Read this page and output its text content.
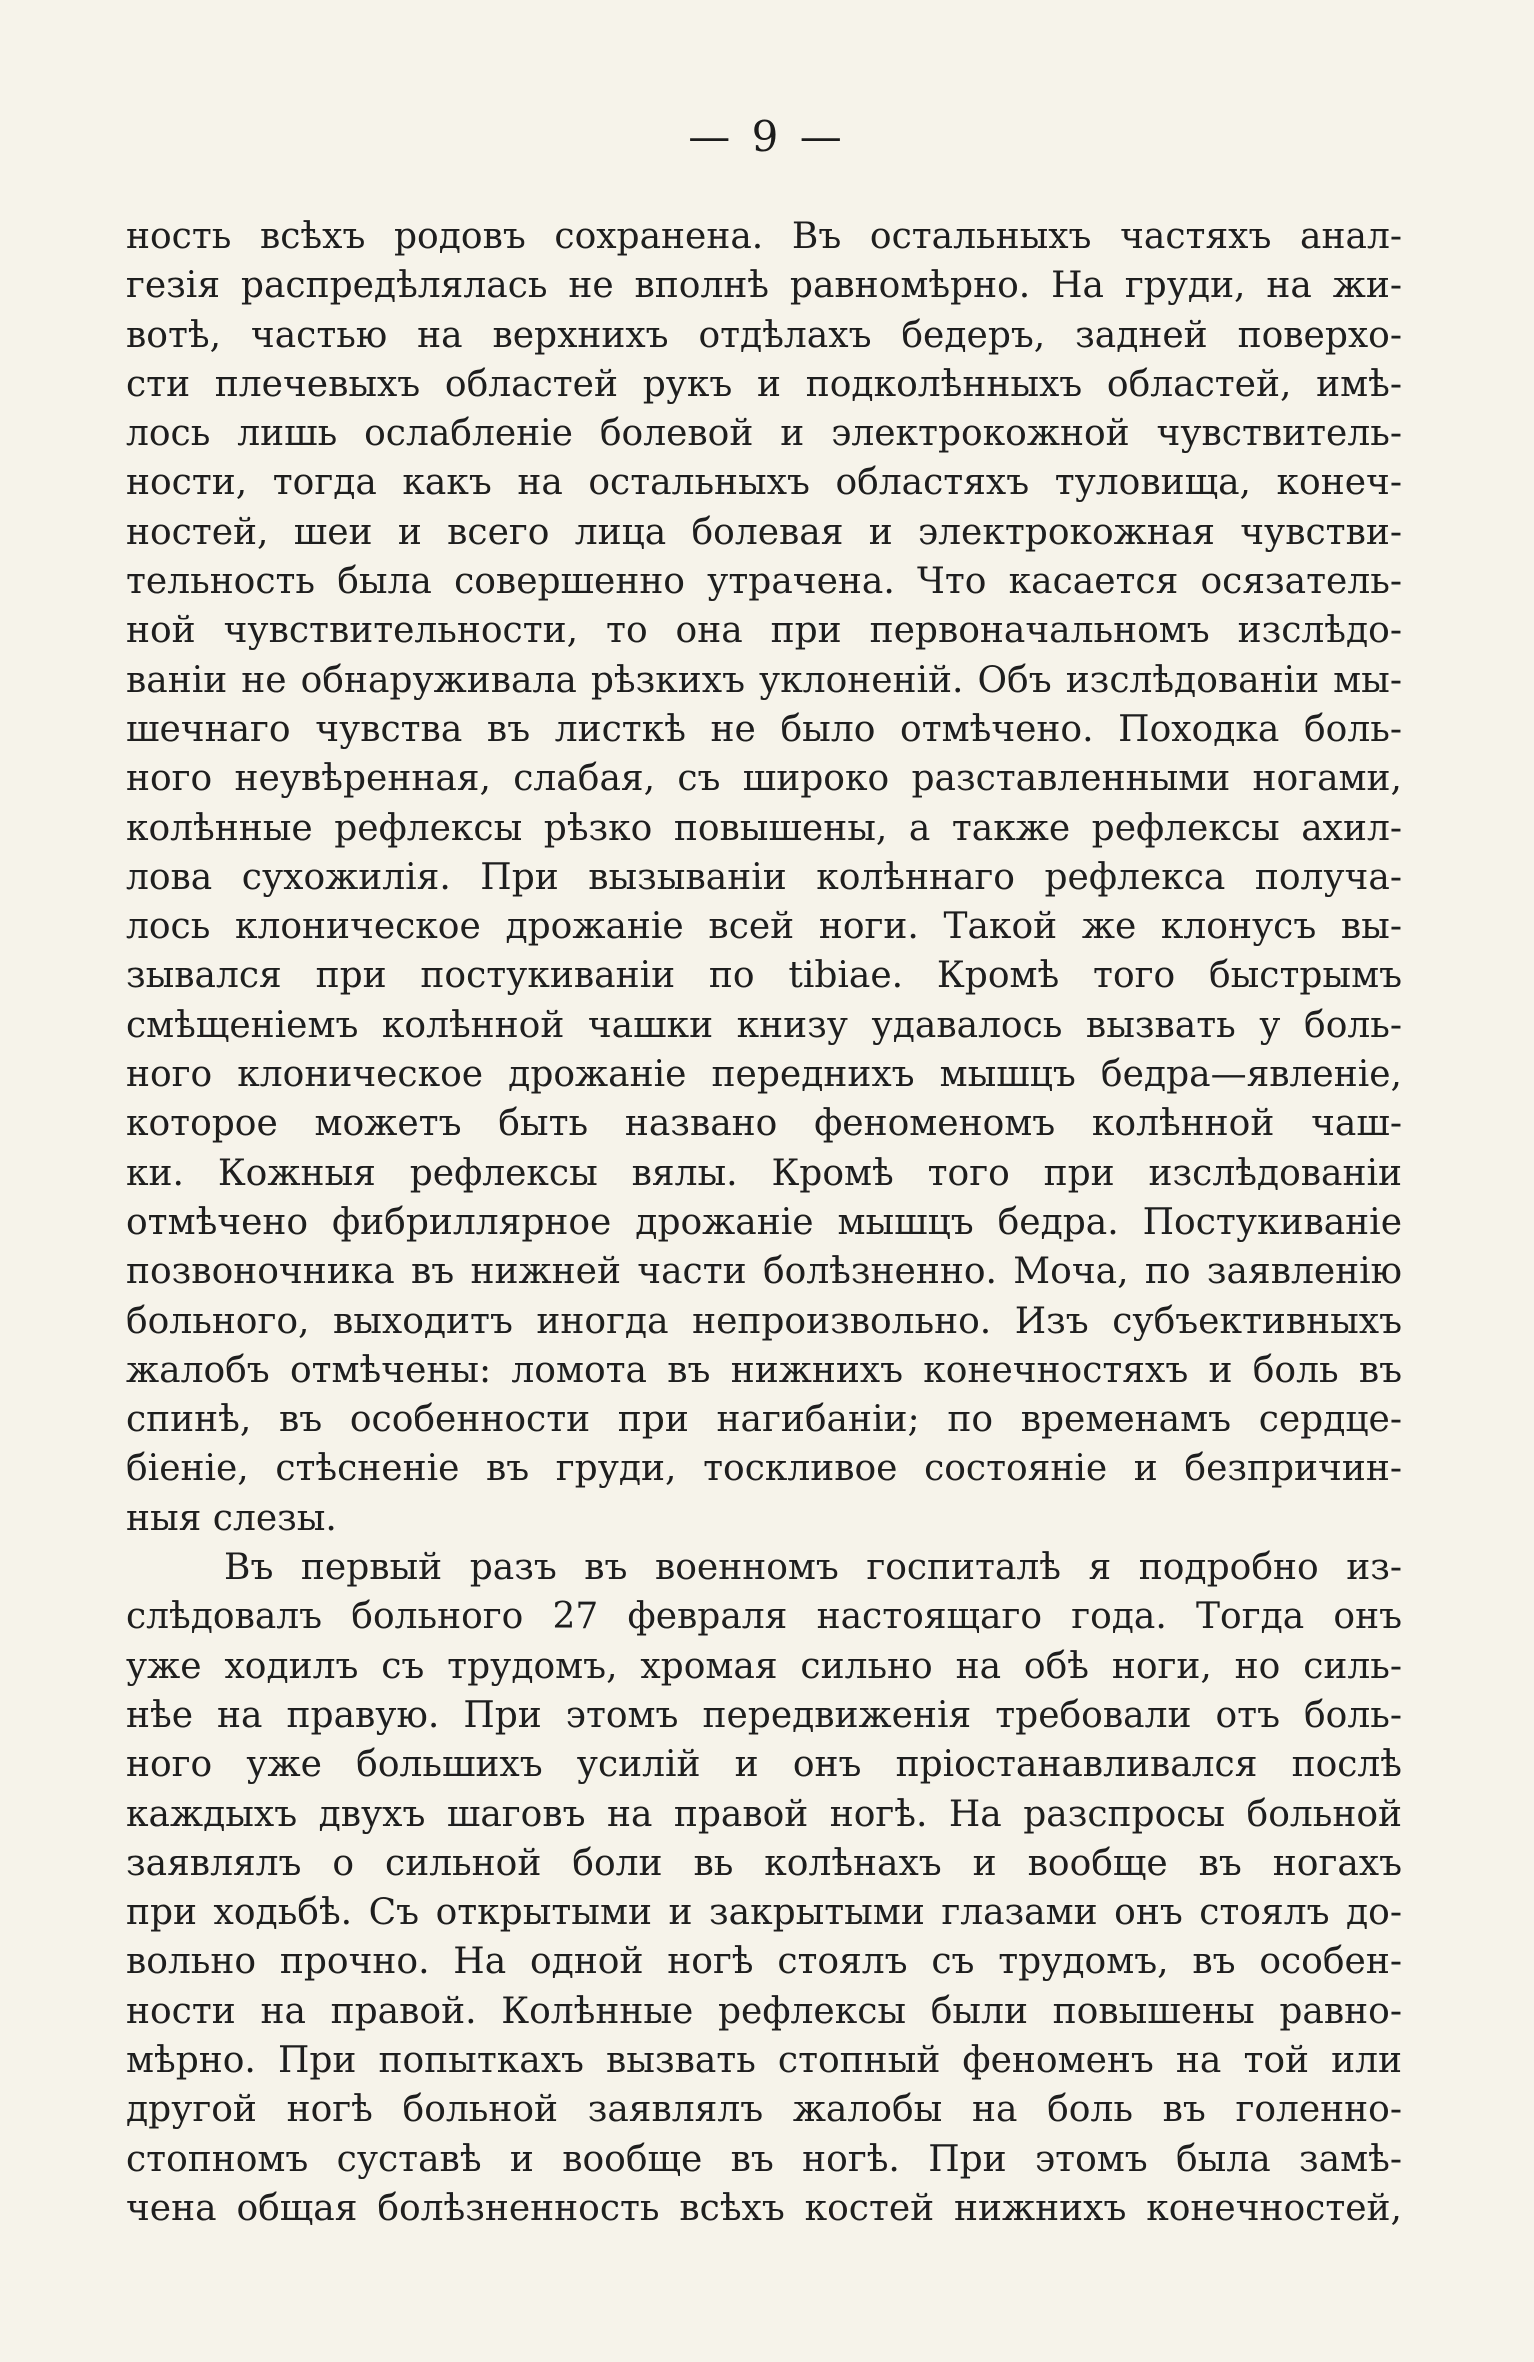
— 9 —
ность всѣхъ родовъ сохранена. Въ остальныхъ частяхъ анал-
гезія распредѣлялась не вполнѣ равномѣрно. На груди, на жи-
вотѣ, частью на верхнихъ отдѣлахъ бедеръ, задней поверхо-
сти плечевыхъ областей рукъ и подколѣнныхъ областей, имѣ-
лось лишь ослабленіе болевой и электрокожной чувствитель-
ности, тогда какъ на остальныхъ областяхъ туловища, конеч-
ностей, шеи и всего лица болевая и электрокожная чувстви-
тельность была совершенно утрачена. Что касается осязатель-
ной чувствительности, то она при первоначальномъ изслѣдо-
ваніи не обнаруживала рѣзкихъ уклоненій. Объ изслѣдованіи мы-
шечнаго чувства въ листкѣ не было отмѣчено. Походка боль-
ного неувѣренная, слабая, съ широко разставленными ногами,
колѣнные рефлексы рѣзко повышены, а также рефлексы ахил-
лова сухожилія. При вызываніи колѣннаго рефлекса получа-
лось клоническое дрожаніе всей ноги. Такой же клонусъ вы-
зывался при постукиваніи по tibiae. Кромѣ того быстрымъ
смѣщеніемъ колѣнной чашки книзу удавалось вызвать у боль-
ного клоническое дрожаніе переднихъ мышцъ бедра—явленіе,
которое можетъ быть названо феноменомъ колѣнной чаш-
ки. Кожныя рефлексы вялы. Кромѣ того при изслѣдованіи
отмѣчено фибриллярное дрожаніе мышцъ бедра. Постукиваніе
позвоночника въ нижней части болѣзненно. Моча, по заявленію
больного, выходитъ иногда непроизвольно. Изъ субъективныхъ
жалобъ отмѣчены: ломота въ нижнихъ конечностяхъ и боль въ
спинѣ, въ особенности при нагибаніи; по временамъ сердце-
біеніе, стѣсненіе въ груди, тоскливое состояніе и безпричин-
ныя слезы.
Въ первый разъ въ военномъ госпиталѣ я подробно из-
слѣдовалъ больного 27 февраля настоящаго года. Тогда онъ
уже ходилъ съ трудомъ, хромая сильно на обѣ ноги, но силь-
нѣе на правую. При этомъ передвиженія требовали отъ боль-
ного уже большихъ усилій и онъ пріостанавливался послѣ
каждыхъ двухъ шаговъ на правой ногѣ. На разспросы больной
заявлялъ о сильной боли вь колѣнахъ и вообще въ ногахъ
при ходьбѣ. Съ открытыми и закрытыми глазами онъ стоялъ до-
вольно прочно. На одной ногѣ стоялъ съ трудомъ, въ особен-
ности на правой. Колѣнные рефлексы были повышены равно-
мѣрно. При попыткахъ вызвать стопный феноменъ на той или
другой ногѣ больной заявлялъ жалобы на боль въ голенно-
стопномъ суставѣ и вообще въ ногѣ. При этомъ была замѣ-
чена общая болѣзненность всѣхъ костей нижнихъ конечностей,
